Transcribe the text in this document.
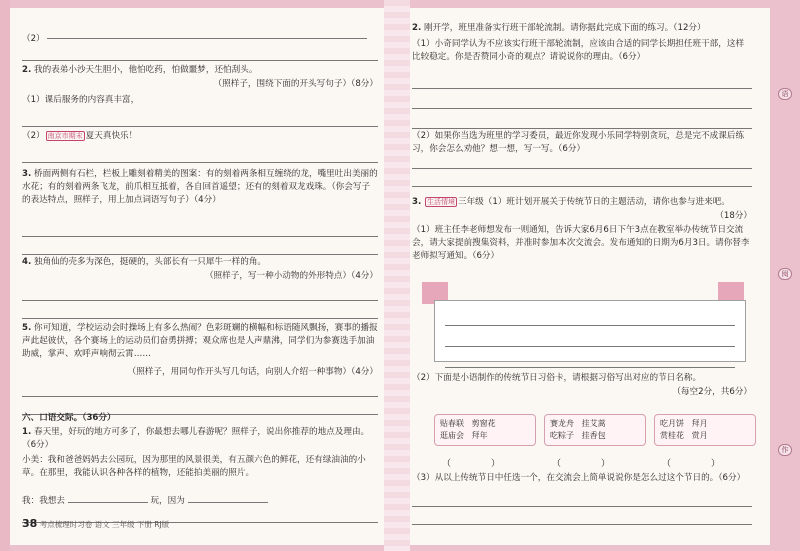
（2）
2. 我的表弟小沙天生胆小，他怕吃药，怕做噩梦，还怕刮头。
（照样子，围绕下面的开头写句子）（8分）
（1）课后服务的内容真丰富，
（2） 南京市期末 夏天真快乐！
3. 桥面两侧有石栏，栏板上雕刻着精美的图案：有的刻着两条相互缠绕的龙，嘴里吐出美丽的水花；有的刻着两条飞龙，前爪相互抵着，各自回首遥望；还有的刻着双龙戏珠。（你会写子的表达特点，照样子，用上加点词语写句子）（4分）
4. 独角仙的壳多为深色，挺硬的，头部长有一只犀牛一样的角。
（照样子，写一种小动物的外形特点）（4分）
5. 你可知道，学校运动会时操场上有多么热闹？色彩斑斓的横幅和标语随风飘扬，赛事的播报声此起彼伏，各个赛场上的运动员们奋勇拼搏；观众席也是人声鼎沸，同学们为参赛选手加油助威，掌声、欢呼声响彻云霄……
（照样子，用同句作开头写几句话，向别人介绍一种事物）（4分）
六、口语交际。（36分）
1. 春天里，好玩的地方可多了，你最想去哪儿春游呢？照样子，说出你推荐的地点及理由。（6分）
小美：我和爸爸妈妈去公园玩，因为那里的风景很美，有五颜六色的鲜花，还有绿油油的小草。在那里，我能认识各种各样的植物，还能拍美丽的照片。
我：我想去	玩，因为
2. 刚开学，班里准备实行班干部轮流制。请你据此完成下面的练习。（12分）
（1）小奇同学认为不应该实行班干部轮流制，应该由合适的同学长期担任班干部，这样比较稳定。你是否赞同小奇的观点？请说说你的理由。（6分）
（2）如果你当选为班里的学习委员，最近你发现小乐同学特别贪玩，总是完不成课后练习，你会怎么劝他？想一想，写一写。（6分）
3. 生活情境 三年级（1）班计划开展关于传统节日的主题活动，请你也参与进来吧。
（18分）
（1）班主任李老师想发布一则通知，告诉大家6月6日下午3点在教室举办传统节日交流会，请大家提前搜集资料，并准时参加本次交流会。发布通知的日期为6月3日。请你替李老师拟写通知。（6分）
（2）下面是小语制作的传统节日习俗卡，请根据习俗写出对应的节日名称。
（每空2分，共6分）
贴春联 剪窗花
逛庙会 拜年
赛龙舟 挂艾蒿
吃粽子 挂香包
吃月饼 拜月
赏桂花 赏月
（	）	（	）	（	）
（3）从以上传统节日中任选一个，在交流会上简单说说你是怎么过这个节日的。（6分）
38 考点梳理时习卷 语文 三年级 下册 RJ版
语
阅
作
